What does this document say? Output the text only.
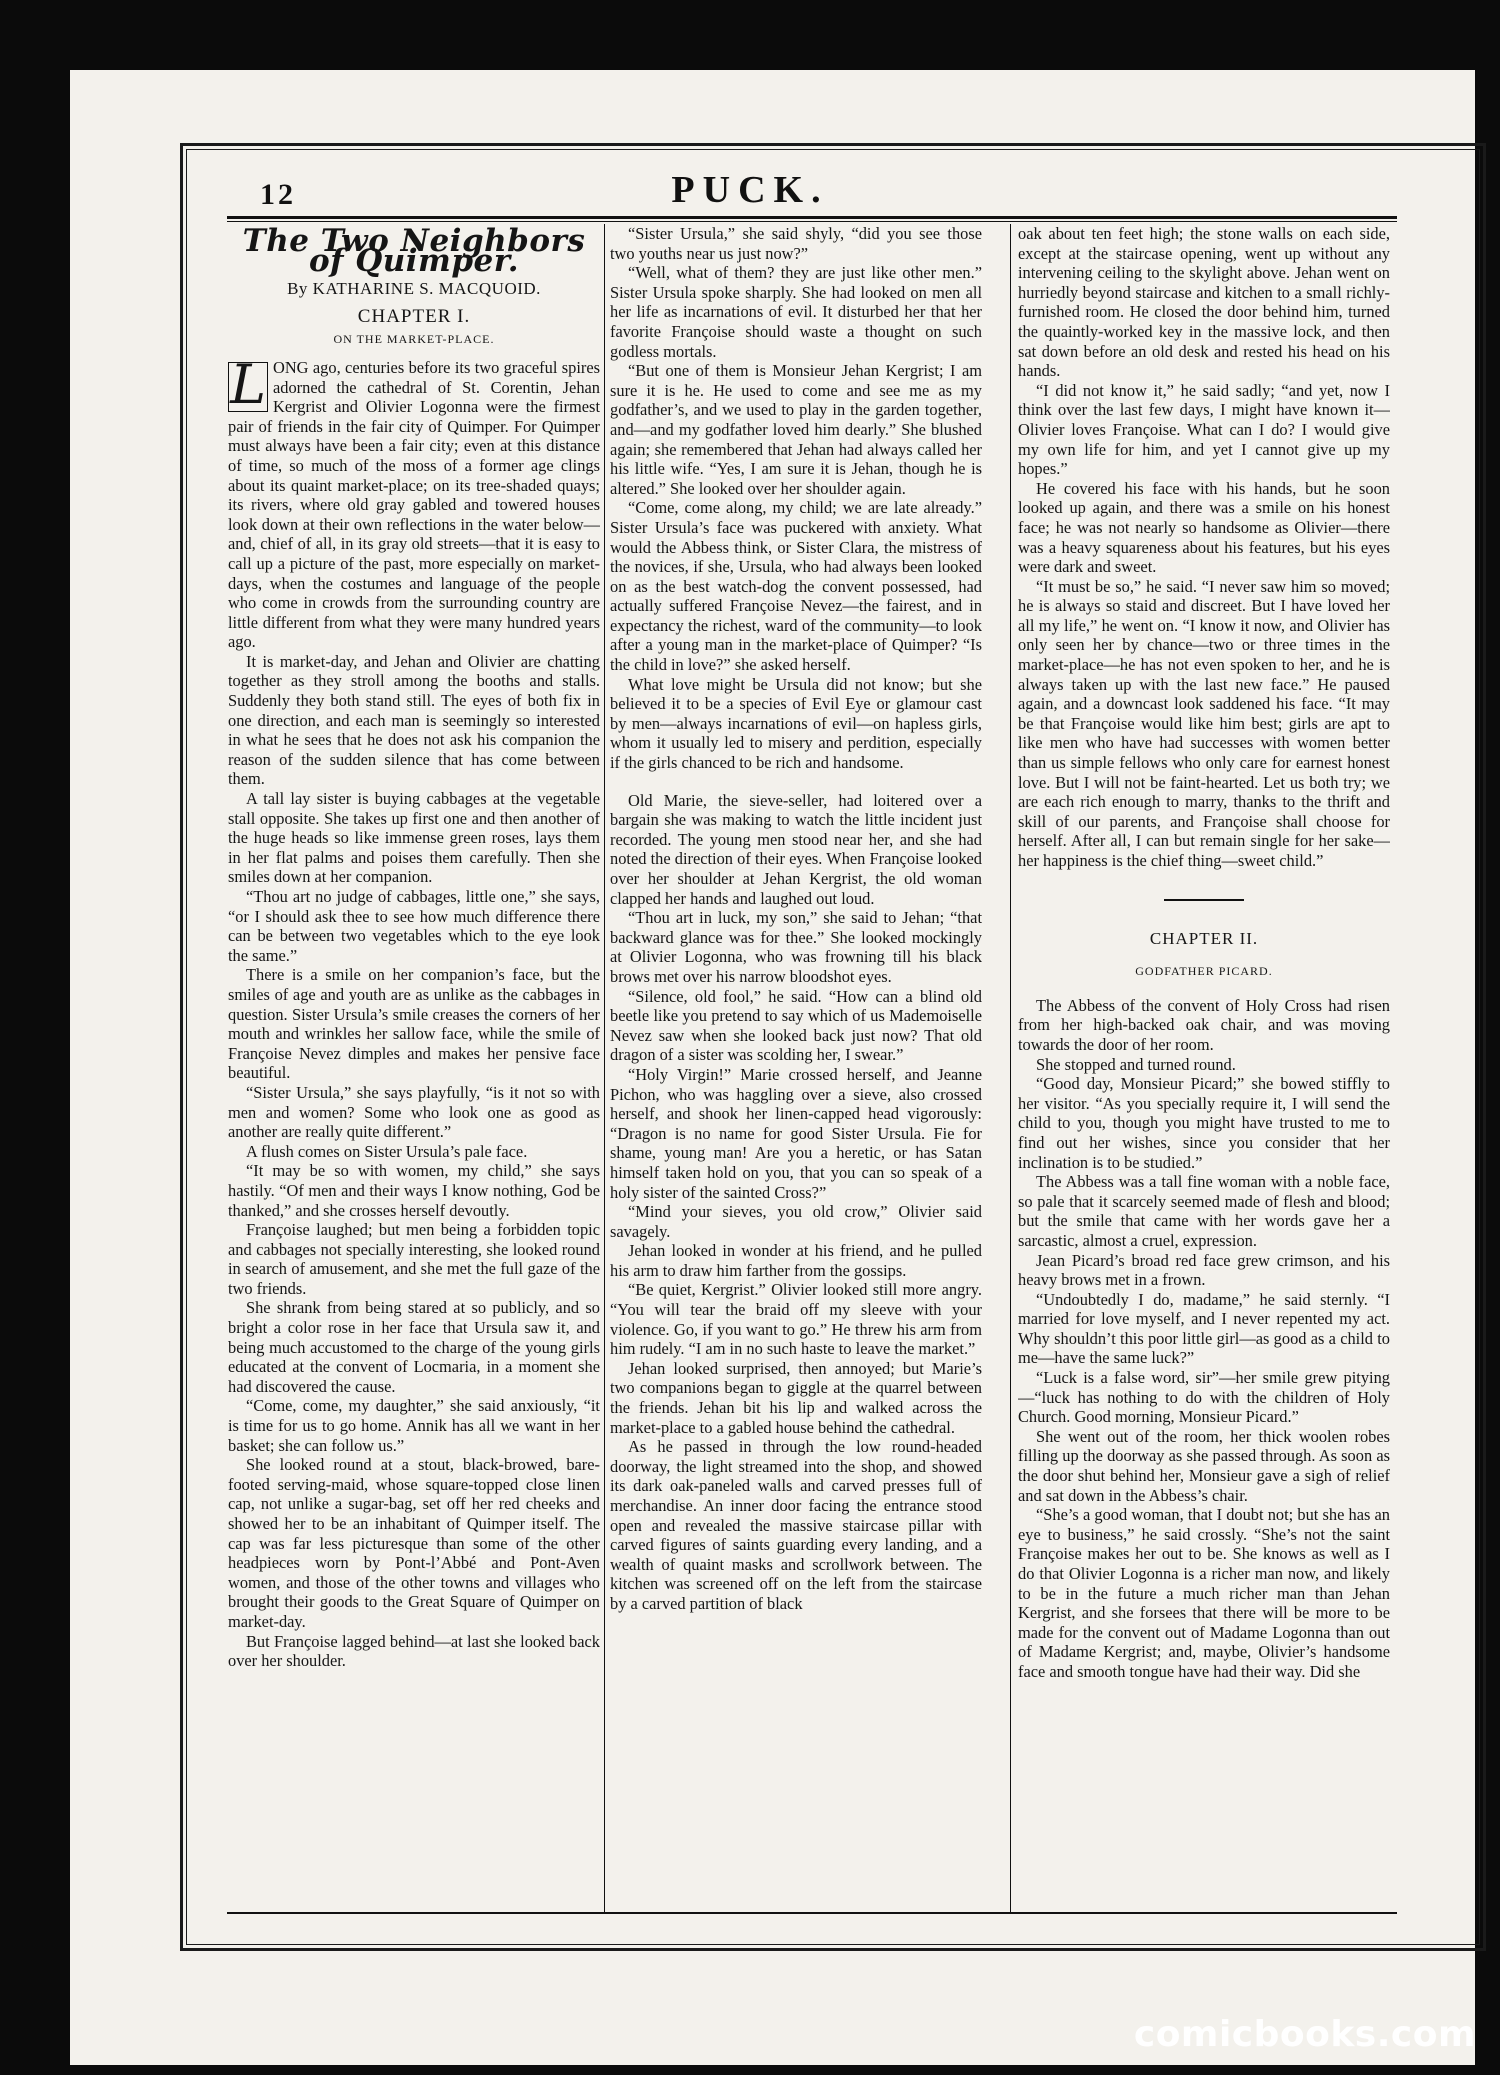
12	PUCK.
The Two Neighbors of Quimper.
By KATHARINE S. MACQUOID.
CHAPTER I.
ON THE MARKET-PLACE.

L ONG ago, centuries before its two graceful spires adorned the cathedral of St. Corentin, Jehan Kergrist and Olivier Logonna were the firmest pair of friends in the fair city of Quimper. For Quimper must always have been a fair city; even at this distance of time, so much of the moss of a former age clings about its quaint market-place; on its tree-shaded quays; its rivers, where old gray gabled and towered houses look down at their own reflections in the water below—and, chief of all, in its gray old streets—that it is easy to call up a picture of the past, more especially on market-days, when the costumes and language of the people who come in crowds from the surrounding country are little different from what they were many hundred years ago.

It is market-day, and Jehan and Olivier are chatting together as they stroll among the booths and stalls. Suddenly they both stand still. The eyes of both fix in one direction, and each man is seemingly so interested in what he sees that he does not ask his companion the reason of the sudden silence that has come between them.

A tall lay sister is buying cabbages at the vegetable stall opposite. She takes up first one and then another of the huge heads so like immense green roses, lays them in her flat palms and poises them carefully. Then she smiles down at her companion.

“Thou art no judge of cabbages, little one,” she says, “or I should ask thee to see how much difference there can be between two vegetables which to the eye look the same.”

There is a smile on her companion’s face, but the smiles of age and youth are as unlike as the cabbages in question. Sister Ursula’s smile creases the corners of her mouth and wrinkles her sallow face, while the smile of Françoise Nevez dimples and makes her pensive face beautiful.

“Sister Ursula,” she says playfully, “is it not so with men and women? Some who look one as good as another are really quite different.”

A flush comes on Sister Ursula’s pale face.

“It may be so with women, my child,” she says hastily. “Of men and their ways I know nothing, God be thanked,” and she crosses herself devoutly.

Françoise laughed; but men being a forbidden topic and cabbages not specially interesting, she looked round in search of amusement, and she met the full gaze of the two friends.

She shrank from being stared at so publicly, and so bright a color rose in her face that Ursula saw it, and being much accustomed to the charge of the young girls educated at the convent of Locmaria, in a moment she had discovered the cause.

“Come, come, my daughter,” she said anxiously, “it is time for us to go home. Annik has all we want in her basket; she can follow us.”

She looked round at a stout, black-browed, bare-footed serving-maid, whose square-topped close linen cap, not unlike a sugar-bag, set off her red cheeks and showed her to be an inhabitant of Quimper itself. The cap was far less picturesque than some of the other headpieces worn by Pont-l’Abbé and Pont-Aven women, and those of the other towns and villages who brought their goods to the Great Square of Quimper on market-day.

But Françoise lagged behind—at last she looked back over her shoulder.

“Sister Ursula,” she said shyly, “did you see those two youths near us just now?”

“Well, what of them? they are just like other men.” Sister Ursula spoke sharply. She had looked on men all her life as incarnations of evil. It disturbed her that her favorite Françoise should waste a thought on such godless mortals.

“But one of them is Monsieur Jehan Kergrist; I am sure it is he. He used to come and see me as my godfather’s, and we used to play in the garden together, and—and my godfather loved him dearly.” She blushed again; she remembered that Jehan had always called her his little wife. “Yes, I am sure it is Jehan, though he is altered.” She looked over her shoulder again.

“Come, come along, my child; we are late already.” Sister Ursula’s face was puckered with anxiety. What would the Abbess think, or Sister Clara, the mistress of the novices, if she, Ursula, who had always been looked on as the best watch-dog the convent possessed, had actually suffered Françoise Nevez—the fairest, and in expectancy the richest, ward of the community—to look after a young man in the market-place of Quimper? “Is the child in love?” she asked herself.

What love might be Ursula did not know; but she believed it to be a species of Evil Eye or glamour cast by men—always incarnations of evil—on hapless girls, whom it usually led to misery and perdition, especially if the girls chanced to be rich and handsome.

Old Marie, the sieve-seller, had loitered over a bargain she was making to watch the little incident just recorded. The young men stood near her, and she had noted the direction of their eyes. When Françoise looked over her shoulder at Jehan Kergrist, the old woman clapped her hands and laughed out loud.

“Thou art in luck, my son,” she said to Jehan; “that backward glance was for thee.” She looked mockingly at Olivier Logonna, who was frowning till his black brows met over his narrow bloodshot eyes.

“Silence, old fool,” he said. “How can a blind old beetle like you pretend to say which of us Mademoiselle Nevez saw when she looked back just now? That old dragon of a sister was scolding her, I swear.”

“Holy Virgin!” Marie crossed herself, and Jeanne Pichon, who was haggling over a sieve, also crossed herself, and shook her linen-capped head vigorously: “Dragon is no name for good Sister Ursula. Fie for shame, young man! Are you a heretic, or has Satan himself taken hold on you, that you can so speak of a holy sister of the sainted Cross?”

“Mind your sieves, you old crow,” Olivier said savagely.

Jehan looked in wonder at his friend, and he pulled his arm to draw him farther from the gossips.

“Be quiet, Kergrist.” Olivier looked still more angry. “You will tear the braid off my sleeve with your violence. Go, if you want to go.” He threw his arm from him rudely. “I am in no such haste to leave the market.”

Jehan looked surprised, then annoyed; but Marie’s two companions began to giggle at the quarrel between the friends. Jehan bit his lip and walked across the market-place to a gabled house behind the cathedral.

As he passed in through the low round-headed doorway, the light streamed into the shop, and showed its dark oak-paneled walls and carved presses full of merchandise. An inner door facing the entrance stood open and revealed the massive staircase pillar with carved figures of saints guarding every landing, and a wealth of quaint masks and scrollwork between. The kitchen was screened off on the left from the staircase by a carved partition of black

oak about ten feet high; the stone walls on each side, except at the staircase opening, went up without any intervening ceiling to the skylight above. Jehan went on hurriedly beyond staircase and kitchen to a small richly-furnished room. He closed the door behind him, turned the quaintly-worked key in the massive lock, and then sat down before an old desk and rested his head on his hands.

“I did not know it,” he said sadly; “and yet, now I think over the last few days, I might have known it—Olivier loves Françoise. What can I do? I would give my own life for him, and yet I cannot give up my hopes.”

He covered his face with his hands, but he soon looked up again, and there was a smile on his honest face; he was not nearly so handsome as Olivier—there was a heavy squareness about his features, but his eyes were dark and sweet.

“It must be so,” he said. “I never saw him so moved; he is always so staid and discreet. But I have loved her all my life,” he went on. “I know it now, and Olivier has only seen her by chance—two or three times in the market-place—he has not even spoken to her, and he is always taken up with the last new face.” He paused again, and a downcast look saddened his face. “It may be that Françoise would like him best; girls are apt to like men who have had successes with women better than us simple fellows who only care for earnest honest love. But I will not be faint-hearted. Let us both try; we are each rich enough to marry, thanks to the thrift and skill of our parents, and Françoise shall choose for herself. After all, I can but remain single for her sake—her happiness is the chief thing—sweet child.”

CHAPTER II.
GODFATHER PICARD.

The Abbess of the convent of Holy Cross had risen from her high-backed oak chair, and was moving towards the door of her room.

She stopped and turned round.

“Good day, Monsieur Picard;” she bowed stiffly to her visitor. “As you specially require it, I will send the child to you, though you might have trusted to me to find out her wishes, since you consider that her inclination is to be studied.”

The Abbess was a tall fine woman with a noble face, so pale that it scarcely seemed made of flesh and blood; but the smile that came with her words gave her a sarcastic, almost a cruel, expression.

Jean Picard’s broad red face grew crimson, and his heavy brows met in a frown.

“Undoubtedly I do, madame,” he said sternly. “I married for love myself, and I never repented my act. Why shouldn’t this poor little girl—as good as a child to me—have the same luck?”

“Luck is a false word, sir”—her smile grew pitying—“luck has nothing to do with the children of Holy Church. Good morning, Monsieur Picard.”

She went out of the room, her thick woolen robes filling up the doorway as she passed through. As soon as the door shut behind her, Monsieur gave a sigh of relief and sat down in the Abbess’s chair.

“She’s a good woman, that I doubt not; but she has an eye to business,” he said crossly. “She’s not the saint Françoise makes her out to be. She knows as well as I do that Olivier Logonna is a richer man now, and likely to be in the future a much richer man than Jehan Kergrist, and she forsees that there will be more to be made for the convent out of Madame Logonna than out of Madame Kergrist; and, maybe, Olivier’s handsome face and smooth tongue have had their way. Did she

comicbooks.com
